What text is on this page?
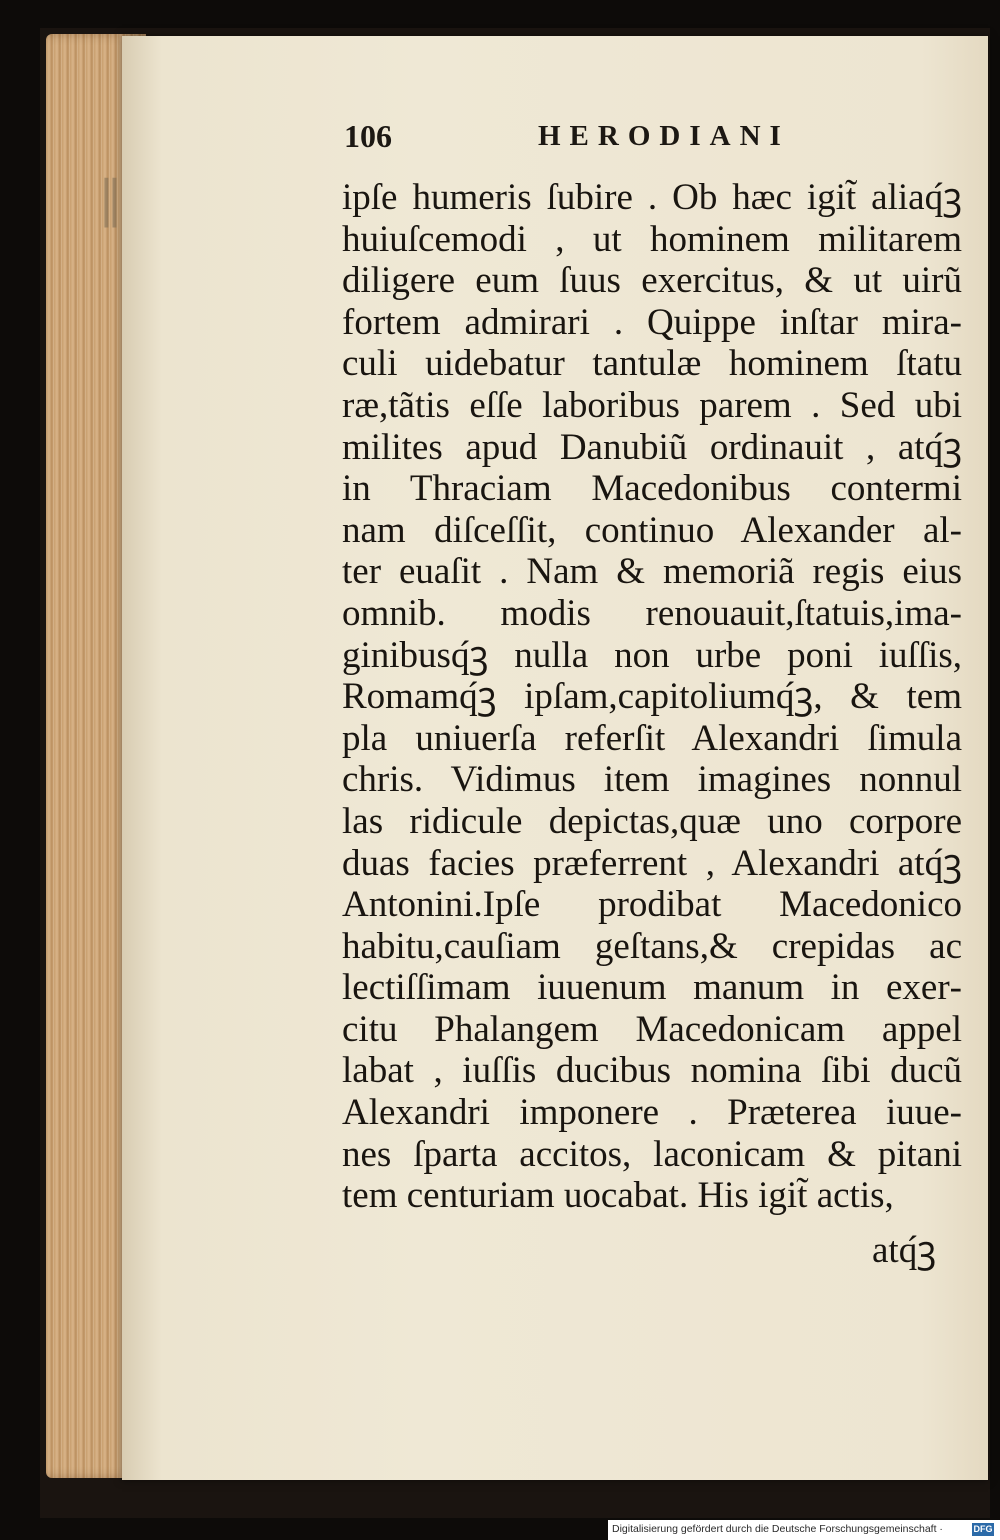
‖
106	HERODIANI
ipſe humeris ſubire . Ob hæc igit̃ aliaq́ꝫ
huiuſcemodi , ut hominem militarem
diligere eum ſuus exercitus, & ut uirũ
fortem admirari . Quippe inſtar mira‐
culi uidebatur tantulæ hominem ſtatu
ræ,tãtis eſſe laboribus parem . Sed ubi
milites apud Danubiũ ordinauit , atq́ꝫ
in Thraciam Macedonibus contermi
nam diſceſſit, continuo Alexander al‐
ter euaſit . Nam & memoriã regis eius
omnib. modis renouauit,ſtatuis,ima‐
ginibusq́ꝫ nulla non urbe poni iuſſis,
Romamq́ꝫ ipſam,capitoliumq́ꝫ, & tem
pla uniuerſa referſit Alexandri ſimula
chris. Vidimus item imagines nonnul
las ridicule depictas,quæ uno corpore
duas facies præferrent , Alexandri atq́ꝫ
Antonini.Ipſe prodibat Macedonico
habitu,cauſiam geſtans,& crepidas ac
lectiſſimam iuuenum manum in exer‐
citu Phalangem Macedonicam appel
labat , iuſſis ducibus nomina ſibi ducũ
Alexandri imponere . Præterea iuue‐
nes ſparta accitos, laconicam & pitani
tem centuriam uocabat. His igit̃ actis,
atq́ꝫ
Digitalisierung gefördert durch die Deutsche Forschungsgemeinschaft ·	DFG
